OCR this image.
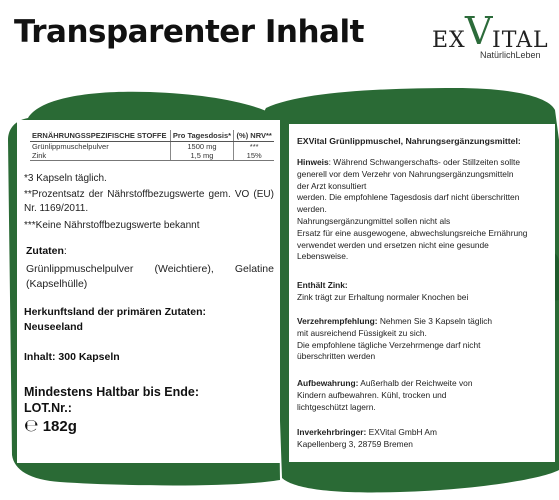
Transparenter Inhalt	EX V ITAL
NatürlichLeben
ERNÄHRUNGSSPEZIFISCHE STOFFE	Pro Tagesdosis*	(%) NRV**
Grünlippmuschelpulver	1500 mg	***
Zink	1,5 mg	15%
*3 Kapseln täglich.
**Prozentsatz der Nährstoffbezugswerte gem. VO (EU) Nr. 1169/2011.
***Keine Nährstoffbezugswerte bekannt
Zutaten:
Grünlippmuschelpulver (Weichtiere), Gelatine (Kapselhülle)
Herkunftsland der primären Zutaten:
Neuseeland
Inhalt: 300 Kapseln
Mindestens Haltbar bis Ende:
LOT.Nr.:
℮ 182g
EXVital Grünlippmuschel, Nahrungsergänzungsmittel:
Hinweis: Während Schwangerschafts- oder Stillzeiten sollte
generell vor dem Verzehr von Nahrungsergänzungsmitteln
der Arzt konsultiert
werden. Die empfohlene Tagesdosis darf nicht überschritten
werden.
Nahrungsergänzungmittel sollen nicht als
Ersatz für eine ausgewogene, abwechslungsreiche Ernährung
verwendet werden und ersetzen nicht eine gesunde
Lebensweise.
Enthält Zink:
Zink trägt zur Erhaltung normaler Knochen bei
Verzehrempfehlung: Nehmen Sie 3 Kapseln täglich
mit ausreichend Füssigkeit zu sich.
Die empfohlene tägliche Verzehrmenge darf nicht
überschritten werden
Aufbewahrung: Außerhalb der Reichweite von
Kindern aufbewahren. Kühl, trocken und
lichtgeschützt lagern.
Inverkehrbringer: EXVital GmbH Am
Kapellenberg 3, 28759 Bremen
